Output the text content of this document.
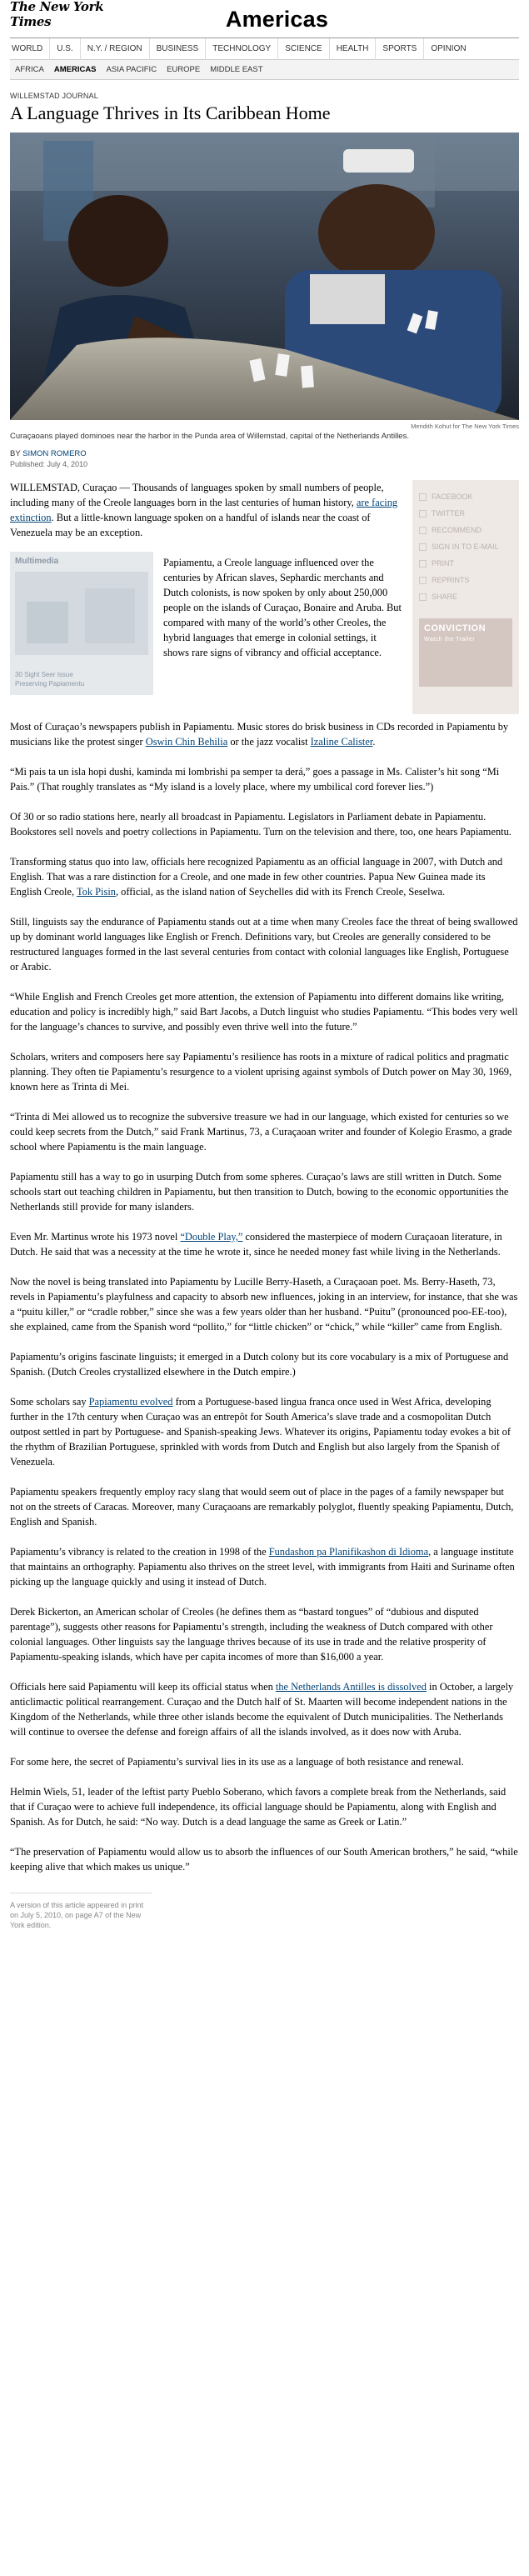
The New York Times	Americas
WORLD	U.S.	N.Y. / REGION	BUSINESS	TECHNOLOGY	SCIENCE	HEALTH	SPORTS	OPINION
AFRICA	AMERICAS	ASIA PACIFIC	EUROPE	MIDDLE EAST
WILLEMSTAD JOURNAL
A Language Thrives in Its Caribbean Home
Meridith Kohut for The New York Times
Curaçaoans played dominoes near the harbor in the Punda area of Willemstad, capital of the Netherlands Antilles.
BY SIMON ROMERO
Published: July 4, 2010
FACEBOOK
TWITTER
RECOMMEND
SIGN IN TO E-MAIL
PRINT
REPRINTS
SHARE
CONVICTION
Watch the Trailer

WILLEMSTAD, Curaçao — Thousands of languages spoken by small numbers of people, including many of the Creole languages born in the last centuries of human history, are facing extinction. But a little-known language spoken on a handful of islands near the coast of Venezuela may be an exception.

Multimedia
30 Sight Seer Issue
Preserving Papiamentu

Papiamentu, a Creole language influenced over the centuries by African slaves, Sephardic merchants and Dutch colonists, is now spoken by only about 250,000 people on the islands of Curaçao, Bonaire and Aruba. But compared with many of the world’s other Creoles, the hybrid languages that emerge in colonial settings, it shows rare signs of vibrancy and official acceptance.

Most of Curaçao’s newspapers publish in Papiamentu. Music stores do brisk business in CDs recorded in Papiamentu by musicians like the protest singer Oswin Chin Behilia or the jazz vocalist Izaline Calister.

“Mi pais ta un isla hopi dushi, kaminda mi lombrishi pa semper ta derá,” goes a passage in Ms. Calister’s hit song “Mi Pais.” (That roughly translates as “My island is a lovely place, where my umbilical cord forever lies.”)

Of 30 or so radio stations here, nearly all broadcast in Papiamentu. Legislators in Parliament debate in Papiamentu. Bookstores sell novels and poetry collections in Papiamentu. Turn on the television and there, too, one hears Papiamentu.

Transforming status quo into law, officials here recognized Papiamentu as an official language in 2007, with Dutch and English. That was a rare distinction for a Creole, and one made in few other countries. Papua New Guinea made its English Creole, Tok Pisin, official, as the island nation of Seychelles did with its French Creole, Seselwa.

Still, linguists say the endurance of Papiamentu stands out at a time when many Creoles face the threat of being swallowed up by dominant world languages like English or French. Definitions vary, but Creoles are generally considered to be restructured languages formed in the last several centuries from contact with colonial languages like English, Portuguese or Arabic.

“While English and French Creoles get more attention, the extension of Papiamentu into different domains like writing, education and policy is incredibly high,” said Bart Jacobs, a Dutch linguist who studies Papiamentu. “This bodes very well for the language’s chances to survive, and possibly even thrive well into the future.”

Scholars, writers and composers here say Papiamentu’s resilience has roots in a mixture of radical politics and pragmatic planning. They often tie Papiamentu’s resurgence to a violent uprising against symbols of Dutch power on May 30, 1969, known here as Trinta di Mei.

“Trinta di Mei allowed us to recognize the subversive treasure we had in our language, which existed for centuries so we could keep secrets from the Dutch,” said Frank Martinus, 73, a Curaçaoan writer and founder of Kolegio Erasmo, a grade school where Papiamentu is the main language.

Papiamentu still has a way to go in usurping Dutch from some spheres. Curaçao’s laws are still written in Dutch. Some schools start out teaching children in Papiamentu, but then transition to Dutch, bowing to the economic opportunities the Netherlands still provide for many islanders.

Even Mr. Martinus wrote his 1973 novel “Double Play,” considered the masterpiece of modern Curaçaoan literature, in Dutch. He said that was a necessity at the time he wrote it, since he needed money fast while living in the Netherlands.

Now the novel is being translated into Papiamentu by Lucille Berry-Haseth, a Curaçaoan poet. Ms. Berry-Haseth, 73, revels in Papiamentu’s playfulness and capacity to absorb new influences, joking in an interview, for instance, that she was a “puitu killer,” or “cradle robber,” since she was a few years older than her husband. “Puitu” (pronounced poo-EE-too), she explained, came from the Spanish word “pollito,” for “little chicken” or “chick,” while “killer” came from English.

Papiamentu’s origins fascinate linguists; it emerged in a Dutch colony but its core vocabulary is a mix of Portuguese and Spanish. (Dutch Creoles crystallized elsewhere in the Dutch empire.)

Some scholars say Papiamentu evolved from a Portuguese-based lingua franca once used in West Africa, developing further in the 17th century when Curaçao was an entrepôt for South America’s slave trade and a cosmopolitan Dutch outpost settled in part by Portuguese- and Spanish-speaking Jews. Whatever its origins, Papiamentu today evokes a bit of the rhythm of Brazilian Portuguese, sprinkled with words from Dutch and English but also largely from the Spanish of Venezuela.

Papiamentu speakers frequently employ racy slang that would seem out of place in the pages of a family newspaper but not on the streets of Caracas. Moreover, many Curaçaoans are remarkably polyglot, fluently speaking Papiamentu, Dutch, English and Spanish.

Papiamentu’s vibrancy is related to the creation in 1998 of the Fundashon pa Planifikashon di Idioma, a language institute that maintains an orthography. Papiamentu also thrives on the street level, with immigrants from Haiti and Suriname often picking up the language quickly and using it instead of Dutch.

Derek Bickerton, an American scholar of Creoles (he defines them as “bastard tongues” of “dubious and disputed parentage”), suggests other reasons for Papiamentu’s strength, including the weakness of Dutch compared with other colonial languages. Other linguists say the language thrives because of its use in trade and the relative prosperity of Papiamentu-speaking islands, which have per capita incomes of more than $16,000 a year.

Officials here said Papiamentu will keep its official status when the Netherlands Antilles is dissolved in October, a largely anticlimactic political rearrangement. Curaçao and the Dutch half of St. Maarten will become independent nations in the Kingdom of the Netherlands, while three other islands become the equivalent of Dutch municipalities. The Netherlands will continue to oversee the defense and foreign affairs of all the islands involved, as it does now with Aruba.

For some here, the secret of Papiamentu’s survival lies in its use as a language of both resistance and renewal.

Helmin Wiels, 51, leader of the leftist party Pueblo Soberano, which favors a complete break from the Netherlands, said that if Curaçao were to achieve full independence, its official language should be Papiamentu, along with English and Spanish. As for Dutch, he said: “No way. Dutch is a dead language the same as Greek or Latin.”

“The preservation of Papiamentu would allow us to absorb the influences of our South American brothers,” he said, “while keeping alive that which makes us unique.”

A version of this article appeared in print on July 5, 2010, on page A7 of the New York edition.
